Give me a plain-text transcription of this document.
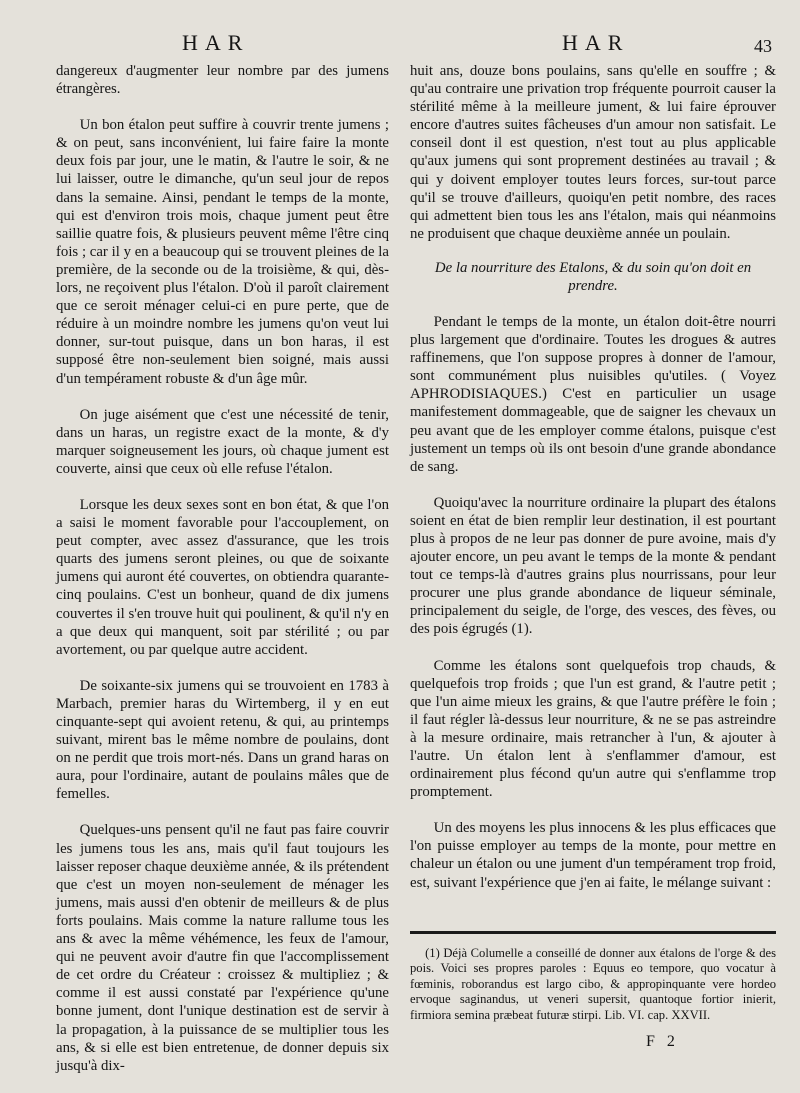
HAR	HAR	43

dangereux d'augmenter leur nombre par des jumens étrangères.

Un bon étalon peut suffire à couvrir trente jumens ; & on peut, sans inconvénient, lui faire faire la monte deux fois par jour, une le matin, & l'autre le soir, & ne lui laisser, outre le dimanche, qu'un seul jour de repos dans la semaine. Ainsi, pendant le temps de la monte, qui est d'environ trois mois, chaque jument peut être saillie quatre fois, & plusieurs peuvent même l'être cinq fois ; car il y en a beaucoup qui se trouvent pleines de la première, de la seconde ou de la troisième, & qui, dès-lors, ne reçoivent plus l'étalon. D'où il paroît clairement que ce seroit ménager celui-ci en pure perte, que de réduire à un moindre nombre les jumens qu'on veut lui donner, sur-tout puisque, dans un bon haras, il est supposé être non-seulement bien soigné, mais aussi d'un tempérament robuste & d'un âge mûr.

On juge aisément que c'est une nécessité de tenir, dans un haras, un registre exact de la monte, & d'y marquer soigneusement les jours, où chaque jument est couverte, ainsi que ceux où elle refuse l'étalon.

Lorsque les deux sexes sont en bon état, & que l'on a saisi le moment favorable pour l'accouplement, on peut compter, avec assez d'assurance, que les trois quarts des jumens seront pleines, ou que de soixante jumens qui auront été couvertes, on obtiendra quarante-cinq poulains. C'est un bonheur, quand de dix jumens couvertes il s'en trouve huit qui poulinent, & qu'il n'y en a que deux qui manquent, soit par stérilité ; ou par avortement, ou par quelque autre accident.

De soixante-six jumens qui se trouvoient en 1783 à Marbach, premier haras du Wirtemberg, il y en eut cinquante-sept qui avoient retenu, & qui, au printemps suivant, mirent bas le même nombre de poulains, dont on ne perdit que trois mort-nés. Dans un grand haras on aura, pour l'ordinaire, autant de poulains mâles que de femelles.

Quelques-uns pensent qu'il ne faut pas faire couvrir les jumens tous les ans, mais qu'il faut toujours les laisser reposer chaque deuxième année, & ils prétendent que c'est un moyen non-seulement de ménager les jumens, mais aussi d'en obtenir de meilleurs & de plus forts poulains. Mais comme la nature rallume tous les ans & avec la même véhémence, les feux de l'amour, qui ne peuvent avoir d'autre fin que l'accomplissement de cet ordre du Créateur : croissez & multipliez ; & comme il est aussi constaté par l'expérience qu'une bonne jument, dont l'unique destination est de servir à la propagation, à la puissance de se multiplier tous les ans, & si elle est bien entretenue, de donner depuis six jusqu'à dix-

huit ans, douze bons poulains, sans qu'elle en souffre ; & qu'au contraire une privation trop fréquente pourroit causer la stérilité même à la meilleure jument, & lui faire éprouver encore d'autres suites fâcheuses d'un amour non satisfait. Le conseil dont il est question, n'est tout au plus applicable qu'aux jumens qui sont proprement destinées au travail ; & qui y doivent employer toutes leurs forces, sur-tout parce qu'il se trouve d'ailleurs, quoiqu'en petit nombre, des races qui admettent bien tous les ans l'étalon, mais qui néanmoins ne produisent que chaque deuxième année un poulain.

De la nourriture des Etalons, & du soin qu'on doit en prendre.

Pendant le temps de la monte, un étalon doit-être nourri plus largement que d'ordinaire. Toutes les drogues & autres raffinemens, que l'on suppose propres à donner de l'amour, sont communément plus nuisibles qu'utiles. ( Voyez APHRODISIAQUES.) C'est en particulier un usage manifestement dommageable, que de saigner les chevaux un peu avant que de les employer comme étalons, puisque c'est justement un temps où ils ont besoin d'une grande abondance de sang.

Quoiqu'avec la nourriture ordinaire la plupart des étalons soient en état de bien remplir leur destination, il est pourtant plus à propos de ne leur pas donner de pure avoine, mais d'y ajouter encore, un peu avant le temps de la monte & pendant tout ce temps-là d'autres grains plus nourrissans, pour leur procurer une plus grande abondance de liqueur séminale, principalement du seigle, de l'orge, des vesces, des fèves, ou des pois égrugés (1).

Comme les étalons sont quelquefois trop chauds, & quelquefois trop froids ; que l'un est grand, & l'autre petit ; que l'un aime mieux les grains, & que l'autre préfère le foin ; il faut régler là-dessus leur nourriture, & ne se pas astreindre à la mesure ordinaire, mais retrancher à l'un, & ajouter à l'autre. Un étalon lent à s'enflammer d'amour, est ordinairement plus fécond qu'un autre qui s'enflamme trop promptement.

Un des moyens les plus innocens & les plus efficaces que l'on puisse employer au temps de la monte, pour mettre en chaleur un étalon ou une jument d'un tempérament trop froid, est, suivant l'expérience que j'en ai faite, le mélange suivant :

(1) Déjà Columelle a conseillé de donner aux étalons de l'orge & des pois. Voici ses propres paroles : Equus eo tempore, quo vocatur à fœminis, roborandus est largo cibo, & appropinquante vere hordeo ervoque saginandus, ut veneri supersit, quantoque fortior inierit, firmiora semina præbeat futuræ stirpi. Lib. VI. cap. XXVII.
F 2
